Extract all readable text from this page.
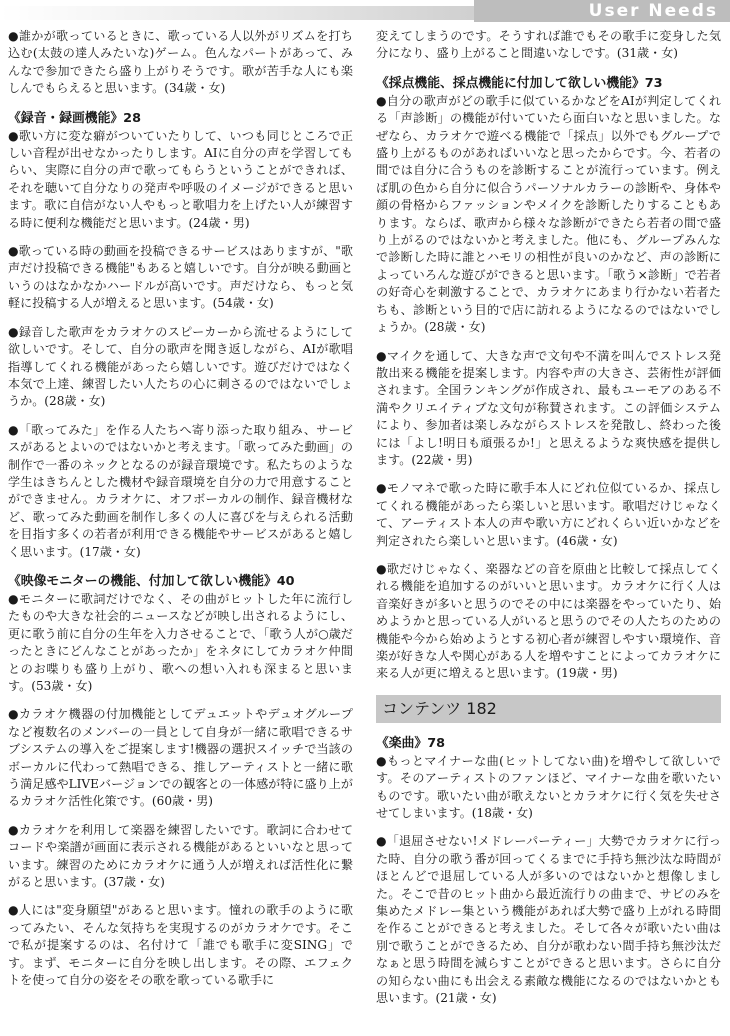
User Needs
●誰かが歌っているときに、歌っている人以外がリズムを打ち込む(太鼓の達人みたいな)ゲーム。色んなパートがあって、みんなで参加できたら盛り上がりそうです。歌が苦手な人にも楽しんでもらえると思います。(34歳・女)
《録音・録画機能》28
●歌い方に変な癖がついていたりして、いつも同じところで正しい音程が出せなかったりします。AIに自分の声を学習してもらい、実際に自分の声で歌ってもらうということができれば、それを聴いて自分なりの発声や呼吸のイメージができると思います。歌に自信がない人やもっと歌唱力を上げたい人が練習する時に便利な機能だと思います。(24歳・男)
●歌っている時の動画を投稿できるサービスはありますが、"歌声だけ投稿できる機能"もあると嬉しいです。自分が映る動画というのはなかなかハードルが高いです。声だけなら、もっと気軽に投稿する人が増えると思います。(54歳・女)
●録音した歌声をカラオケのスピーカーから流せるようにして欲しいです。そして、自分の歌声を聞き返しながら、AIが歌唱指導してくれる機能があったら嬉しいです。遊びだけではなく本気で上達、練習したい人たちの心に刺さるのではないでしょうか。(28歳・女)
●「歌ってみた」を作る人たちへ寄り添った取り組み、サービスがあるとよいのではないかと考えます。「歌ってみた動画」の制作で一番のネックとなるのが録音環境です。私たちのような学生はきちんとした機材や録音環境を自分の力で用意することができません。カラオケに、オフボーカルの制作、録音機材など、歌ってみた動画を制作し多くの人に喜びを与えられる活動を目指す多くの若者が利用できる機能やサービスがあると嬉しく思います。(17歳・女)
《映像モニターの機能、付加して欲しい機能》40
●モニターに歌詞だけでなく、その曲がヒットした年に流行したものや大きな社会的ニュースなどが映し出されるようにし、更に歌う前に自分の生年を入力させることで、「歌う人が○歳だったときにどんなことがあったか」をネタにしてカラオケ仲間とのお喋りも盛り上がり、歌への想い入れも深まると思います。(53歳・女)
●カラオケ機器の付加機能としてデュエットやデュオグループなど複数名のメンバーの一員として自身が一緒に歌唱できるサブシステムの導入をご提案します!機器の選択スイッチで当該のボーカルに代わって熱唱できる、推しアーティストと一緒に歌う満足感やLIVEバージョンでの観客との一体感が特に盛り上がるカラオケ活性化策です。(60歳・男)
●カラオケを利用して楽器を練習したいです。歌詞に合わせてコードや楽譜が画面に表示される機能があるといいなと思っています。練習のためにカラオケに通う人が増えれば活性化に繋がると思います。(37歳・女)
●人には"変身願望"があると思います。憧れの歌手のように歌ってみたい、そんな気持ちを実現するのがカラオケです。そこで私が提案するのは、名付けて「誰でも歌手に変SING」です。まず、モニターに自分を映し出します。その際、エフェクトを使って自分の姿をその歌を歌っている歌手に
変えてしまうのです。そうすれば誰でもその歌手に変身した気分になり、盛り上がること間違いなしです。(31歳・女)
《採点機能、採点機能に付加して欲しい機能》73
●自分の歌声がどの歌手に似ているかなどをAIが判定してくれる「声診断」の機能が付いていたら面白いなと思いました。なぜなら、カラオケで遊べる機能で「採点」以外でもグループで盛り上がるものがあればいいなと思ったからです。今、若者の間では自分に合うものを診断することが流行っています。例えば肌の色から自分に似合うパーソナルカラーの診断や、身体や顔の骨格からファッションやメイクを診断したりすることもあります。ならば、歌声から様々な診断ができたら若者の間で盛り上がるのではないかと考えました。他にも、グループみんなで診断した時に誰とハモリの相性が良いのかなど、声の診断によっていろんな遊びができると思います。「歌う×診断」で若者の好奇心を刺激することで、カラオケにあまり行かない若者たちも、診断という目的で店に訪れるようになるのではないでしょうか。(28歳・女)
●マイクを通して、大きな声で文句や不満を叫んでストレス発散出来る機能を提案します。内容や声の大きさ、芸術性が評価されます。全国ランキングが作成され、最もユーモアのある不満やクリエイティブな文句が称賛されます。この評価システムにより、参加者は楽しみながらストレスを発散し、終わった後には「よし!明日も頑張るか!」と思えるような爽快感を提供します。(22歳・男)
●モノマネで歌った時に歌手本人にどれ位似ているか、採点してくれる機能があったら楽しいと思います。歌唱だけじゃなくて、アーティスト本人の声や歌い方にどれくらい近いかなどを判定されたら楽しいと思います。(46歳・女)
●歌だけじゃなく、楽器などの音を原曲と比較して採点してくれる機能を追加するのがいいと思います。カラオケに行く人は音楽好きが多いと思うのでその中には楽器をやっていたり、始めようかと思っている人がいると思うのでその人たちのための機能や今から始めようとする初心者が練習しやすい環境作、音楽が好きな人や関心がある人を増やすことによってカラオケに来る人が更に増えると思います。(19歳・男)
コンテンツ 182
《楽曲》78
●もっとマイナーな曲(ヒットしてない曲)を増やして欲しいです。そのアーティストのファンほど、マイナーな曲を歌いたいものです。歌いたい曲が歌えないとカラオケに行く気を失せさせてしまいます。(18歳・女)
●「退屈させない!メドレーパーティー」大勢でカラオケに行った時、自分の歌う番が回ってくるまでに手持ち無沙汰な時間がほとんどで退屈している人が多いのではないかと想像しました。そこで昔のヒット曲から最近流行りの曲まで、サビのみを集めたメドレー集という機能があれば大勢で盛り上がれる時間を作ることができると考えました。そして各々が歌いたい曲は別で歌うことができるため、自分が歌わない間手持ち無沙汰だなぁと思う時間を減らすことができると思います。さらに自分の知らない曲にも出会える素敵な機能になるのではないかとも思います。(21歳・女)
